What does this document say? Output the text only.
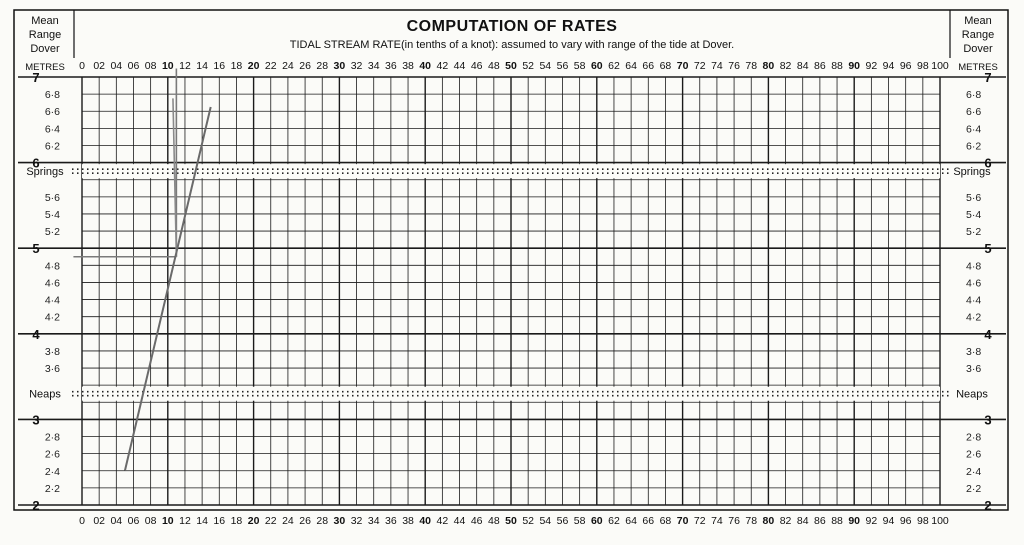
COMPUTATION OF RATES
TIDAL STREAM RATE(in tenths of a knot): assumed to vary with range of the tide at Dover.
Mean
Range
Dover
Mean
Range
Dover
METRES	METRES
Springs	Springs
Neaps	Neaps
0 02 04 06 08 10 12 14 16 18 20 22 24 26 28 30 32 34 36 38 40 42 44 46 48 50 52 54 56 58 60 62 64 66 68 70 72 74 76 78 80 82 84 86 88 90 92 94 96 98 100
0 02 04 06 08 10 12 14 16 18 20 22 24 26 28 30 32 34 36 38 40 42 44 46 48 50 52 54 56 58 60 62 64 66 68 70 72 74 76 78 80 82 84 86 88 90 92 94 96 98 100
7	7
6	6
5	5
4	4
3	3
2	2
6·8	6·8
6·6	6·6
6·4	6·4
6·2	6·2
5·6	5·6
5·4	5·4
5·2	5·2
4·8	4·8
4·6	4·6
4·4	4·4
4·2	4·2
3·8	3·8
3·6	3·6
2·8	2·8
2·6	2·6
2·4	2·4
2·2	2·2
